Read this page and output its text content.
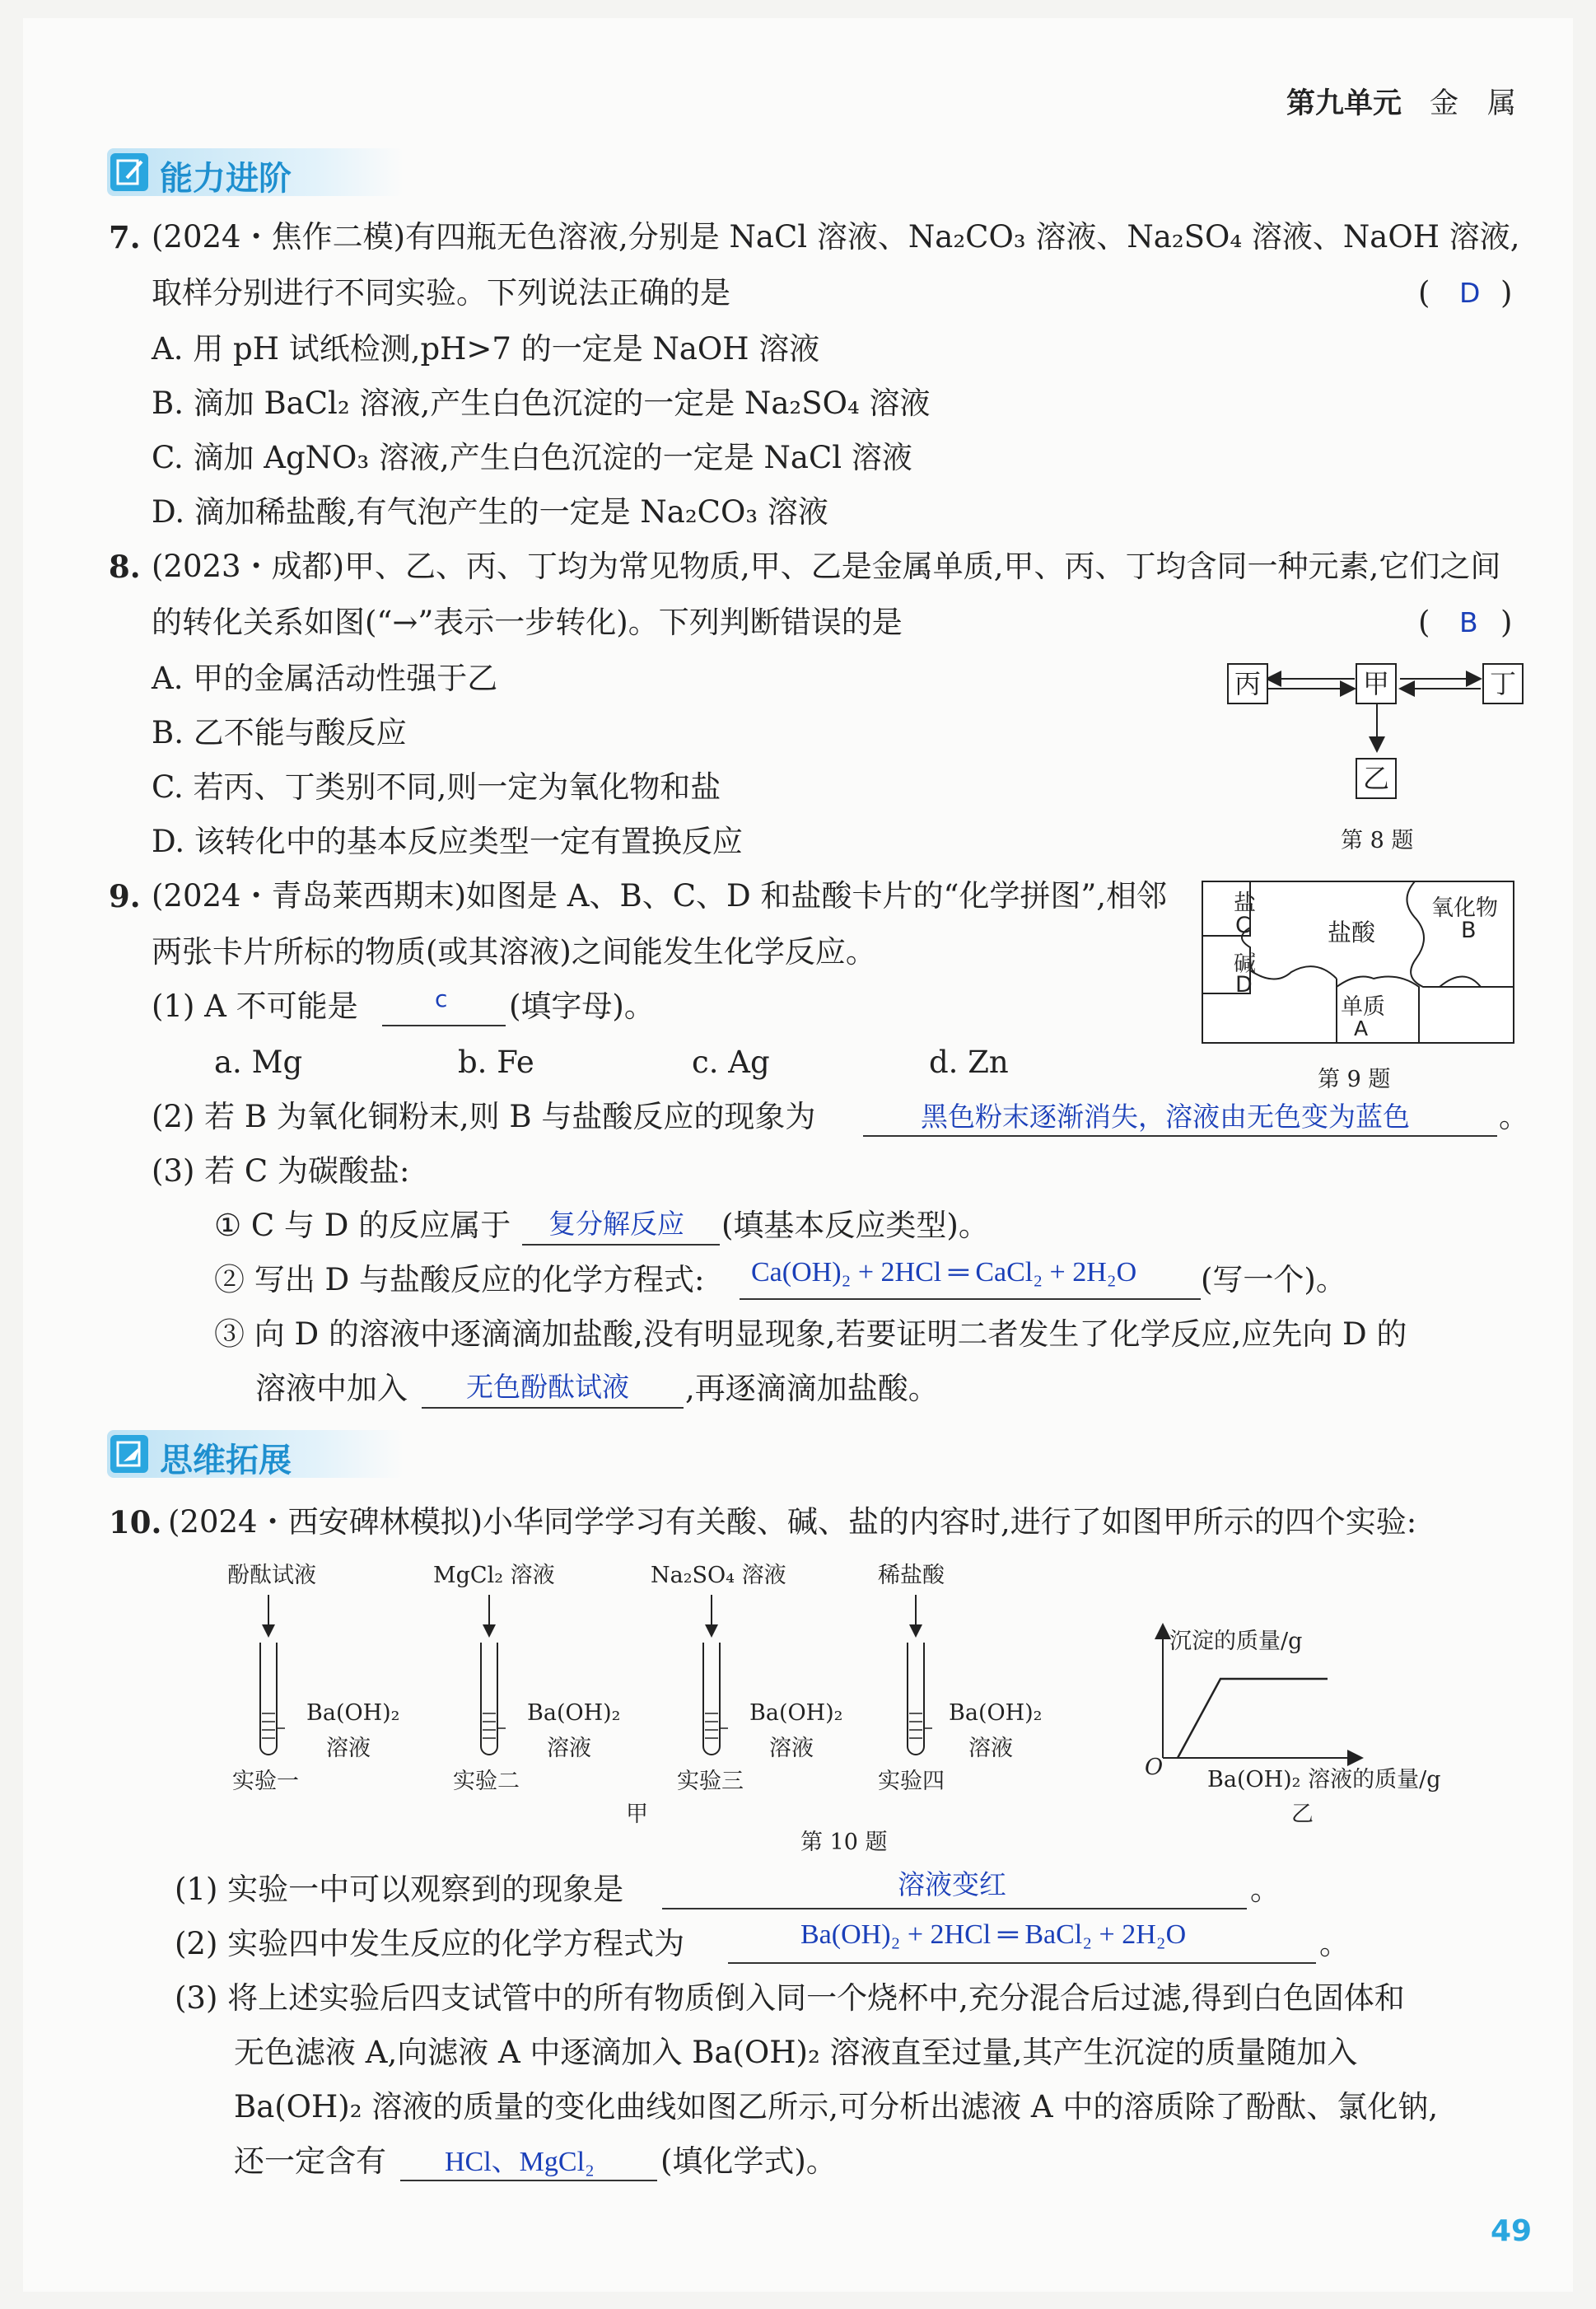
第九单元 金　属
能力进阶
7. (2024・焦作二模)有四瓶无色溶液,分别是 NaCl 溶液、Na₂CO₃ 溶液、Na₂SO₄ 溶液、NaOH 溶液,
取样分别进行不同实验。下列说法正确的是	( D )
A. 用 pH 试纸检测,pH>7 的一定是 NaOH 溶液
B. 滴加 BaCl₂ 溶液,产生白色沉淀的一定是 Na₂SO₄ 溶液
C. 滴加 AgNO₃ 溶液,产生白色沉淀的一定是 NaCl 溶液
D. 滴加稀盐酸,有气泡产生的一定是 Na₂CO₃ 溶液
8. (2023・成都)甲、乙、丙、丁均为常见物质,甲、乙是金属单质,甲、丙、丁均含同一种元素,它们之间
的转化关系如图(“→”表示一步转化)。下列判断错误的是	( B )
A. 甲的金属活动性强于乙
B. 乙不能与酸反应
C. 若丙、丁类别不同,则一定为氧化物和盐
D. 该转化中的基本反应类型一定有置换反应
丙	甲	丁
乙
第 8 题
9. (2024・青岛莱西期末)如图是 A、B、C、D 和盐酸卡片的“化学拼图”,相邻
两张卡片所标的物质(或其溶液)之间能发生化学反应。
(1) A 不可能是	c (填字母)。
a. Mg	b. Fe	c. Ag	d. Zn
(2) 若 B 为氧化铜粉末,则 B 与盐酸反应的现象为	黑色粉末逐渐消失，溶液由无色变为蓝色	。
(3) 若 C 为碳酸盐:
① C 与 D 的反应属于 复分解反应 (填基本反应类型)。
② 写出 D 与盐酸反应的化学方程式: Ca(OH)₂ + 2HCl ═ CaCl₂ + 2H₂O (写一个)。
③ 向 D 的溶液中逐滴滴加盐酸,没有明显现象,若要证明二者发生了化学反应,应先向 D 的
溶液中加入 无色酚酞试液 ,再逐滴滴加盐酸。
盐
C
碱
D
盐酸
氧化物
B
单质
A
第 9 题
思维拓展
10. (2024・西安碑林模拟)小华同学学习有关酸、碱、盐的内容时,进行了如图甲所示的四个实验:
酚酞试液	MgCl₂ 溶液	Na₂SO₄ 溶液	稀盐酸
Ba(OH)₂
溶液
Ba(OH)₂
溶液
Ba(OH)₂
溶液
Ba(OH)₂
溶液
实验一	实验二	实验三	实验四
甲
沉淀的质量/g
O Ba(OH)₂ 溶液的质量/g
乙
第 10 题
(1) 实验一中可以观察到的现象是	溶液变红	。
(2) 实验四中发生反应的化学方程式为	Ba(OH)₂ + 2HCl ═ BaCl₂ + 2H₂O	。
(3) 将上述实验后四支试管中的所有物质倒入同一个烧杯中,充分混合后过滤,得到白色固体和
无色滤液 A,向滤液 A 中逐滴加入 Ba(OH)₂ 溶液直至过量,其产生沉淀的质量随加入
Ba(OH)₂ 溶液的质量的变化曲线如图乙所示,可分析出滤液 A 中的溶质除了酚酞、氯化钠,
还一定含有 HCl、MgCl₂ (填化学式)。
49
